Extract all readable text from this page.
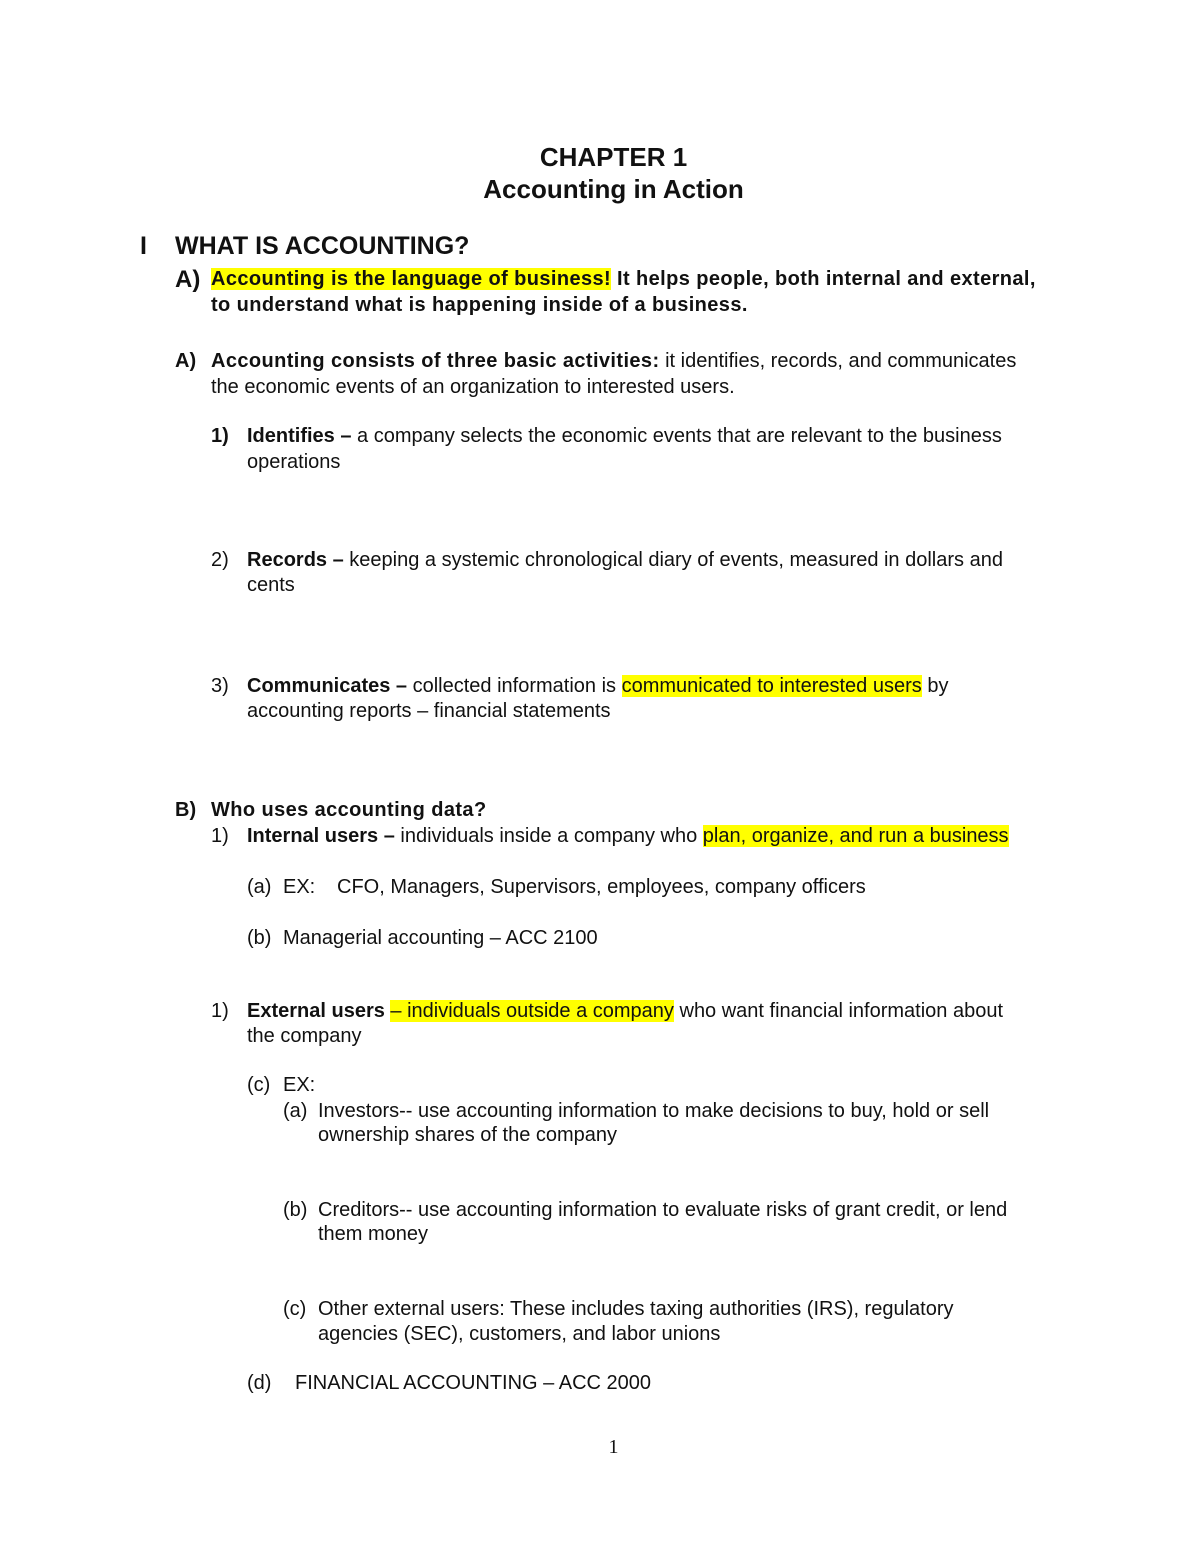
CHAPTER 1
Accounting in Action
I WHAT IS ACCOUNTING?
A) Accounting is the language of business! It helps people, both internal and external,
to understand what is happening inside of a business.
A) Accounting consists of three basic activities: it identifies, records, and communicates
the economic events of an organization to interested users.
1) Identifies – a company selects the economic events that are relevant to the business
operations
2) Records – keeping a systemic chronological diary of events, measured in dollars and
cents
3) Communicates – collected information is communicated to interested users by
accounting reports – financial statements
B) Who uses accounting data?
1) Internal users – individuals inside a company who plan, organize, and run a business
(a) EX: CFO, Managers, Supervisors, employees, company officers
(b) Managerial accounting – ACC 2100
1) External users – individuals outside a company who want financial information about
the company
(c) EX:
(a) Investors-- use accounting information to make decisions to buy, hold or sell
ownership shares of the company
(b) Creditors-- use accounting information to evaluate risks of grant credit, or lend
them money
(c) Other external users: These includes taxing authorities (IRS), regulatory
agencies (SEC), customers, and labor unions
(d) FINANCIAL ACCOUNTING – ACC 2000
1
